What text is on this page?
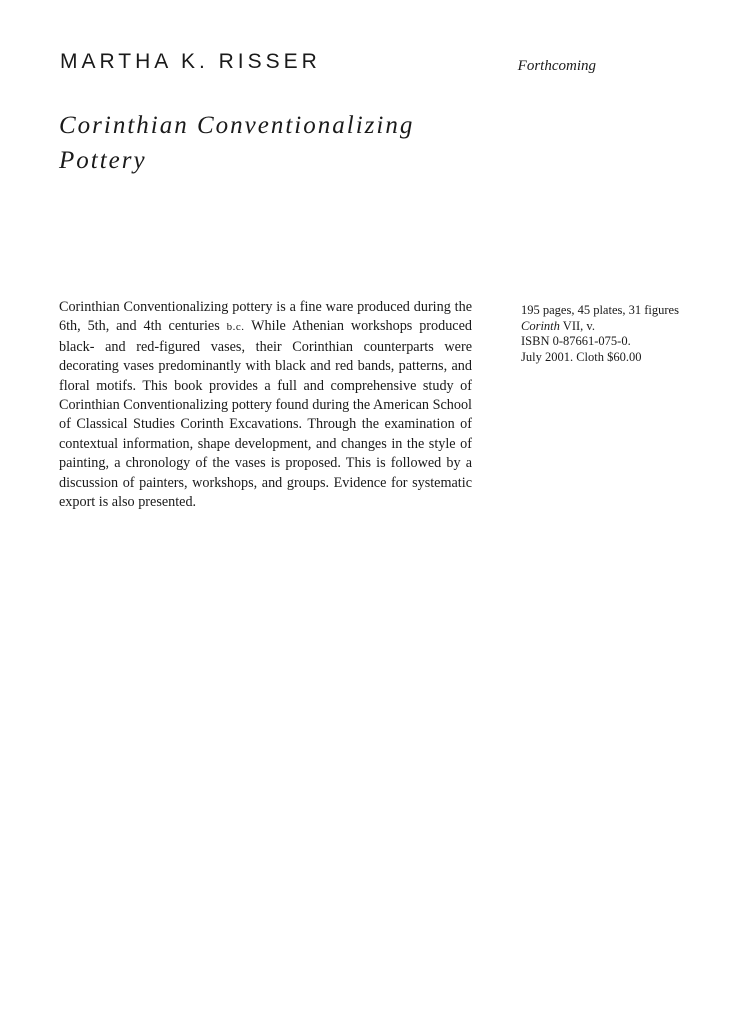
MARTHA K. RISSER	Forthcoming

Corinthian Conventionalizing
Pottery

Corinthian Conventionalizing pottery is a fine ware produced during the 6th, 5th, and 4th centuries b.c. While Athenian workshops produced black- and red-figured vases, their Corinthian counterparts were decorating vases predominantly with black and red bands, patterns, and floral motifs. This book provides a full and comprehensive study of Corinthian Conventionalizing pottery found during the American School of Classical Studies Corinth Excavations. Through the examination of contextual information, shape development, and changes in the style of painting, a chronology of the vases is proposed. This is followed by a discussion of painters, workshops, and groups. Evidence for systematic export is also presented.

195 pages, 45 plates, 31 figures
Corinth VII, v.
ISBN 0-87661-075-0.
July 2001. Cloth $60.00
